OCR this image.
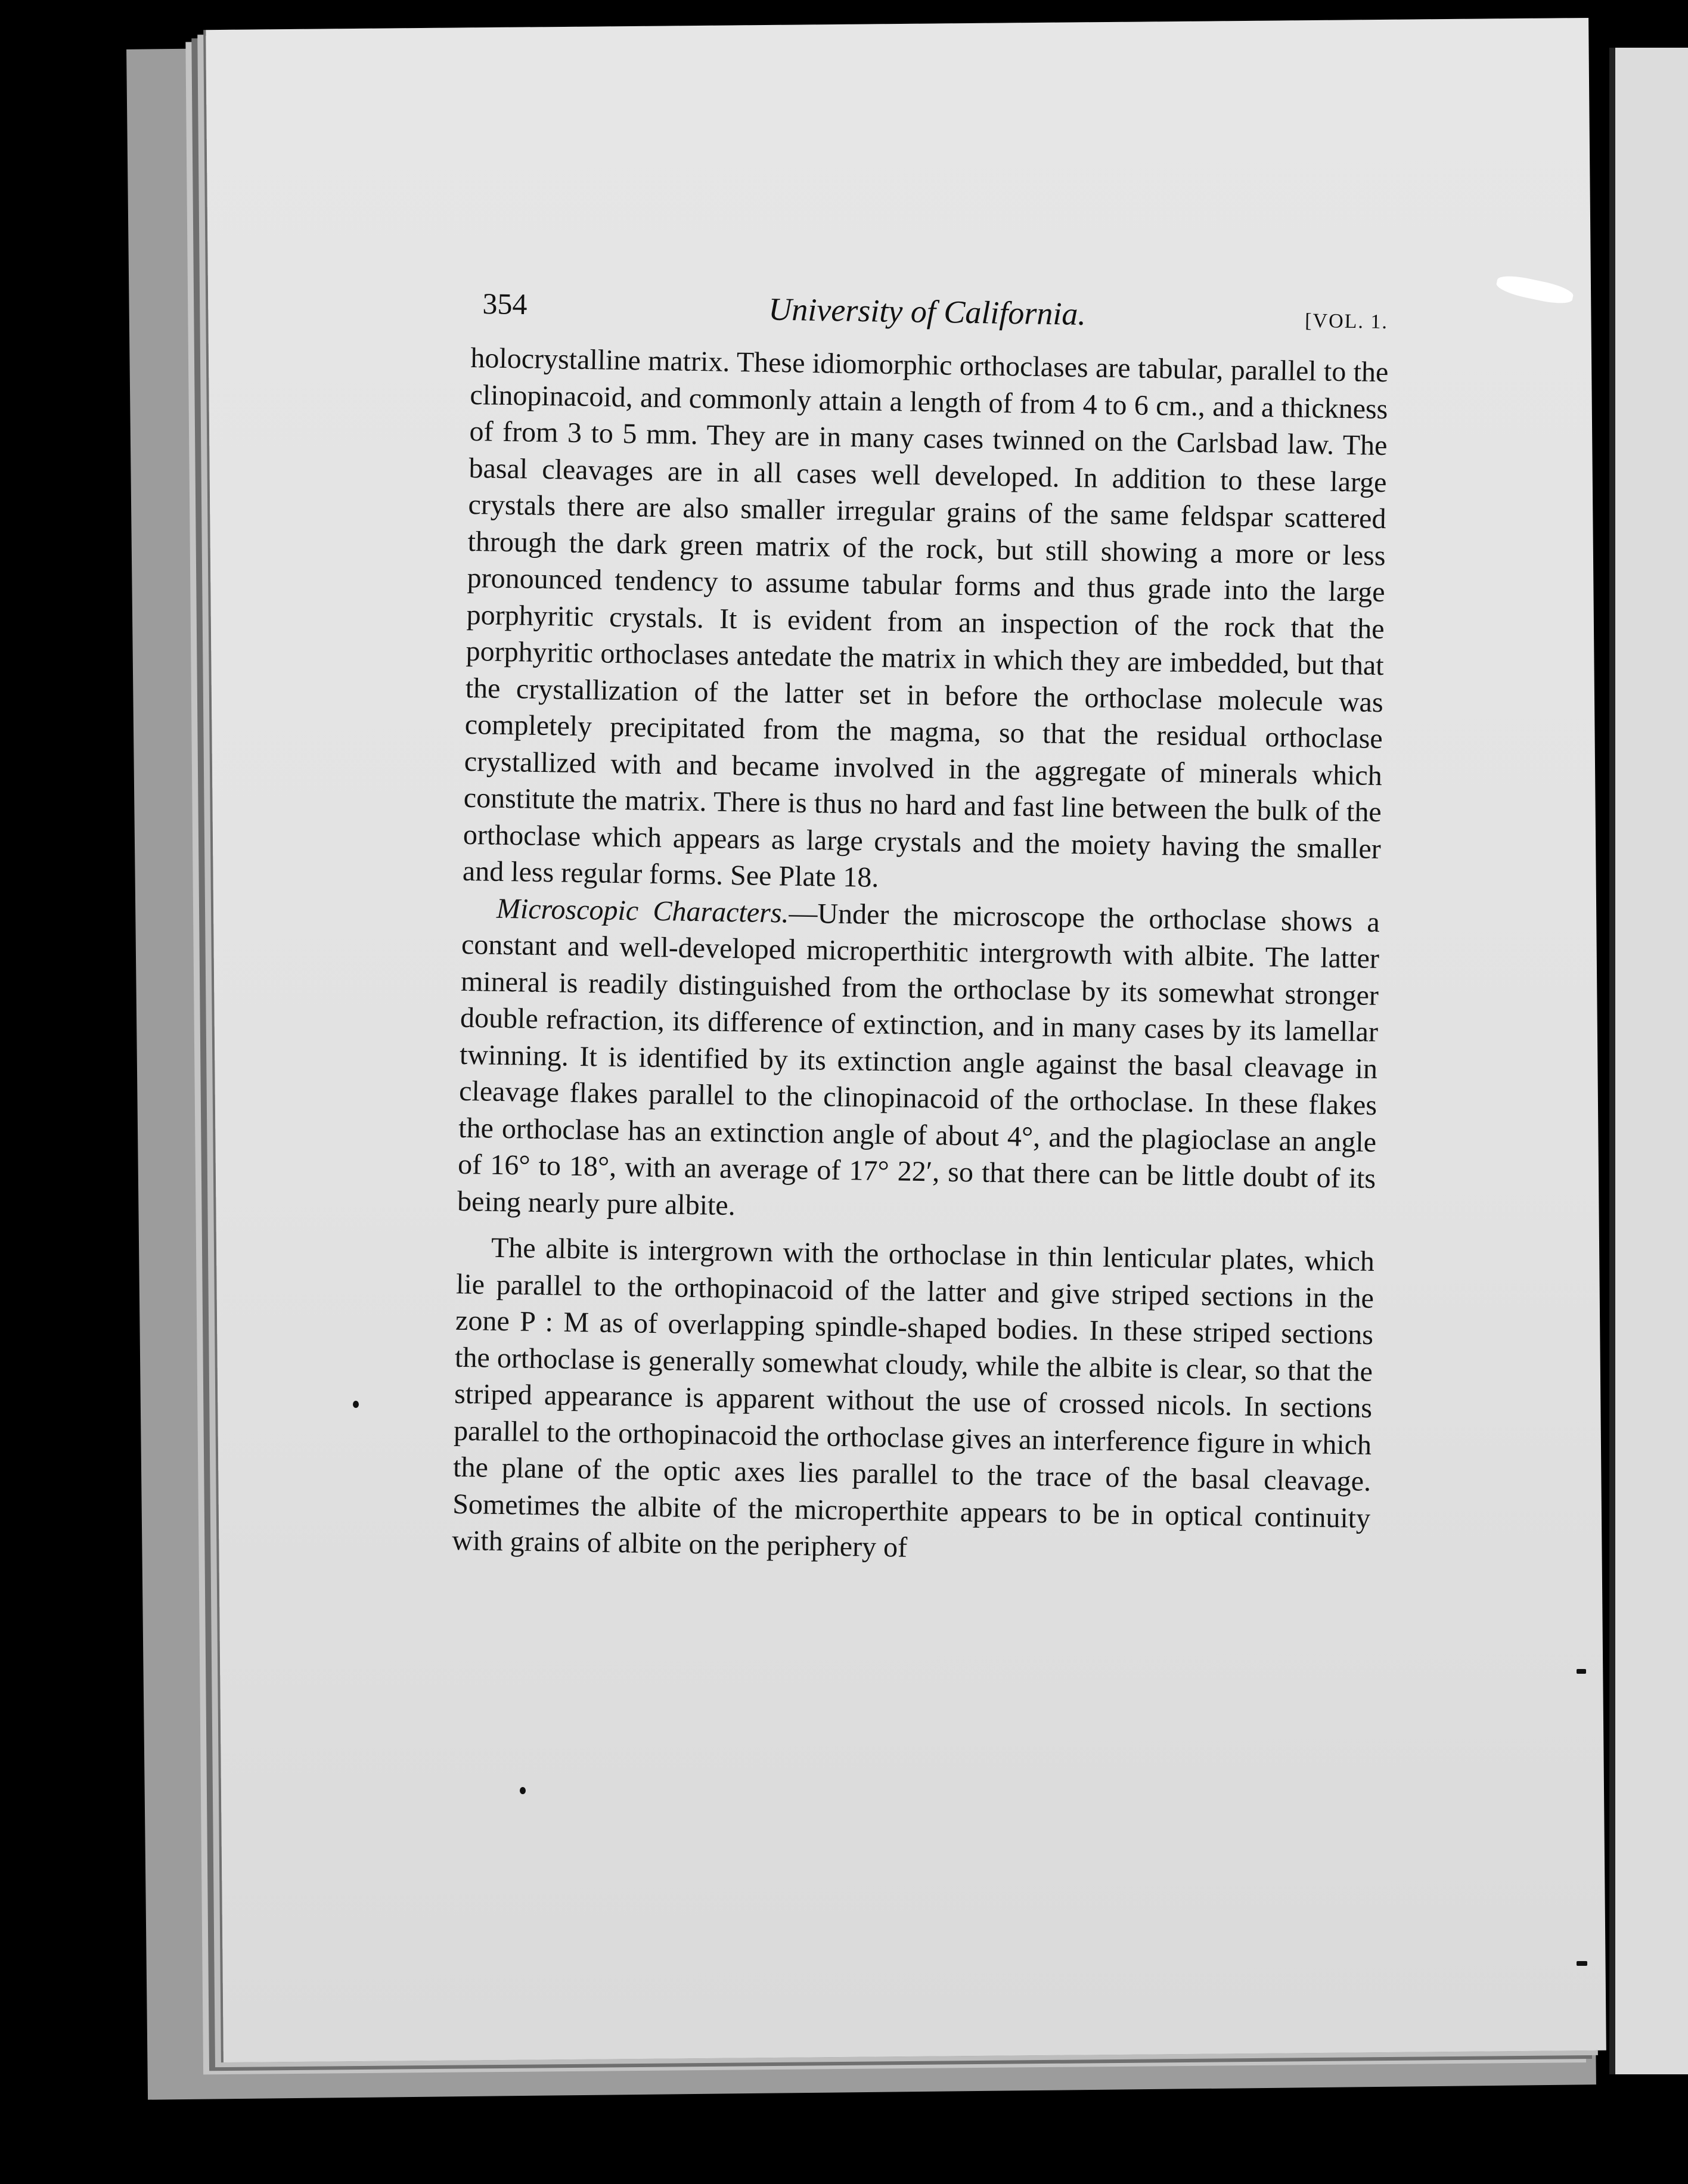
354	University of California.	[VOL. 1.

holocrystalline matrix. These idiomorphic orthoclases are tabular, parallel to the clinopinacoid, and commonly attain a length of from 4 to 6 cm., and a thickness of from 3 to 5 mm. They are in many cases twinned on the Carlsbad law. The basal cleavages are in all cases well developed. In addition to these large crystals there are also smaller irregular grains of the same feldspar scattered through the dark green matrix of the rock, but still showing a more or less pronounced tendency to assume tabular forms and thus grade into the large porphyritic crystals. It is evident from an inspection of the rock that the porphyritic orthoclases antedate the matrix in which they are imbedded, but that the crystallization of the latter set in before the orthoclase molecule was completely precipitated from the magma, so that the residual orthoclase crystallized with and became involved in the aggregate of minerals which constitute the matrix. There is thus no hard and fast line between the bulk of the orthoclase which appears as large crystals and the moiety having the smaller and less regular forms. See Plate 18.

Microscopic Characters.—Under the microscope the orthoclase shows a constant and well-developed microperthitic intergrowth with albite. The latter mineral is readily distinguished from the orthoclase by its somewhat stronger double refraction, its difference of extinction, and in many cases by its lamellar twinning. It is identified by its extinction angle against the basal cleavage in cleavage flakes parallel to the clinopinacoid of the orthoclase. In these flakes the orthoclase has an extinction angle of about 4°, and the plagioclase an angle of 16° to 18°, with an average of 17° 22′, so that there can be little doubt of its being nearly pure albite.

The albite is intergrown with the orthoclase in thin lenticular plates, which lie parallel to the orthopinacoid of the latter and give striped sections in the zone P : M as of overlapping spindle-shaped bodies. In these striped sections the orthoclase is generally somewhat cloudy, while the albite is clear, so that the striped appearance is apparent without the use of crossed nicols. In sections parallel to the orthopinacoid the orthoclase gives an interference figure in which the plane of the optic axes lies parallel to the trace of the basal cleavage. Sometimes the albite of the microperthite appears to be in optical continuity with grains of albite on the periphery of
